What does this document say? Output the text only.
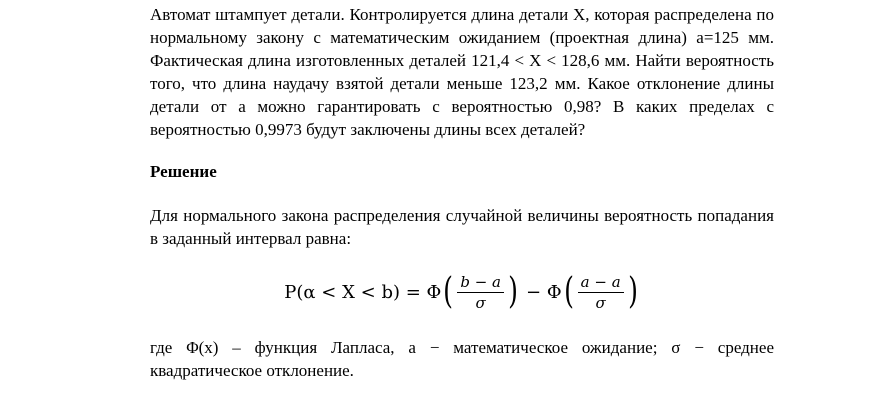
Автомат штампует детали. Контролируется длина детали X, которая распределена по нормальному закону с математическим ожиданием (проектная длина) a=125 мм. Фактическая длина изготовленных деталей 121,4 < X < 128,6 мм. Найти вероятность того, что длина наудачу взятой детали меньше 123,2 мм. Какое отклонение длины детали от a можно гарантировать с вероятностью 0,98? В каких пределах с вероятностью 0,9973 будут заключены длины всех деталей?

Решение

Для нормального закона распределения случайной величины вероятность попадания в заданный интервал равна:

P(α < X < b) = Φ ( $\frac{b - a}{\sigma}$ ) − Φ ( $\frac{a - a}{\sigma}$ )

где Φ(x) – функция Лапласа, a − математическое ожидание; σ − среднее квадратическое отклонение.
